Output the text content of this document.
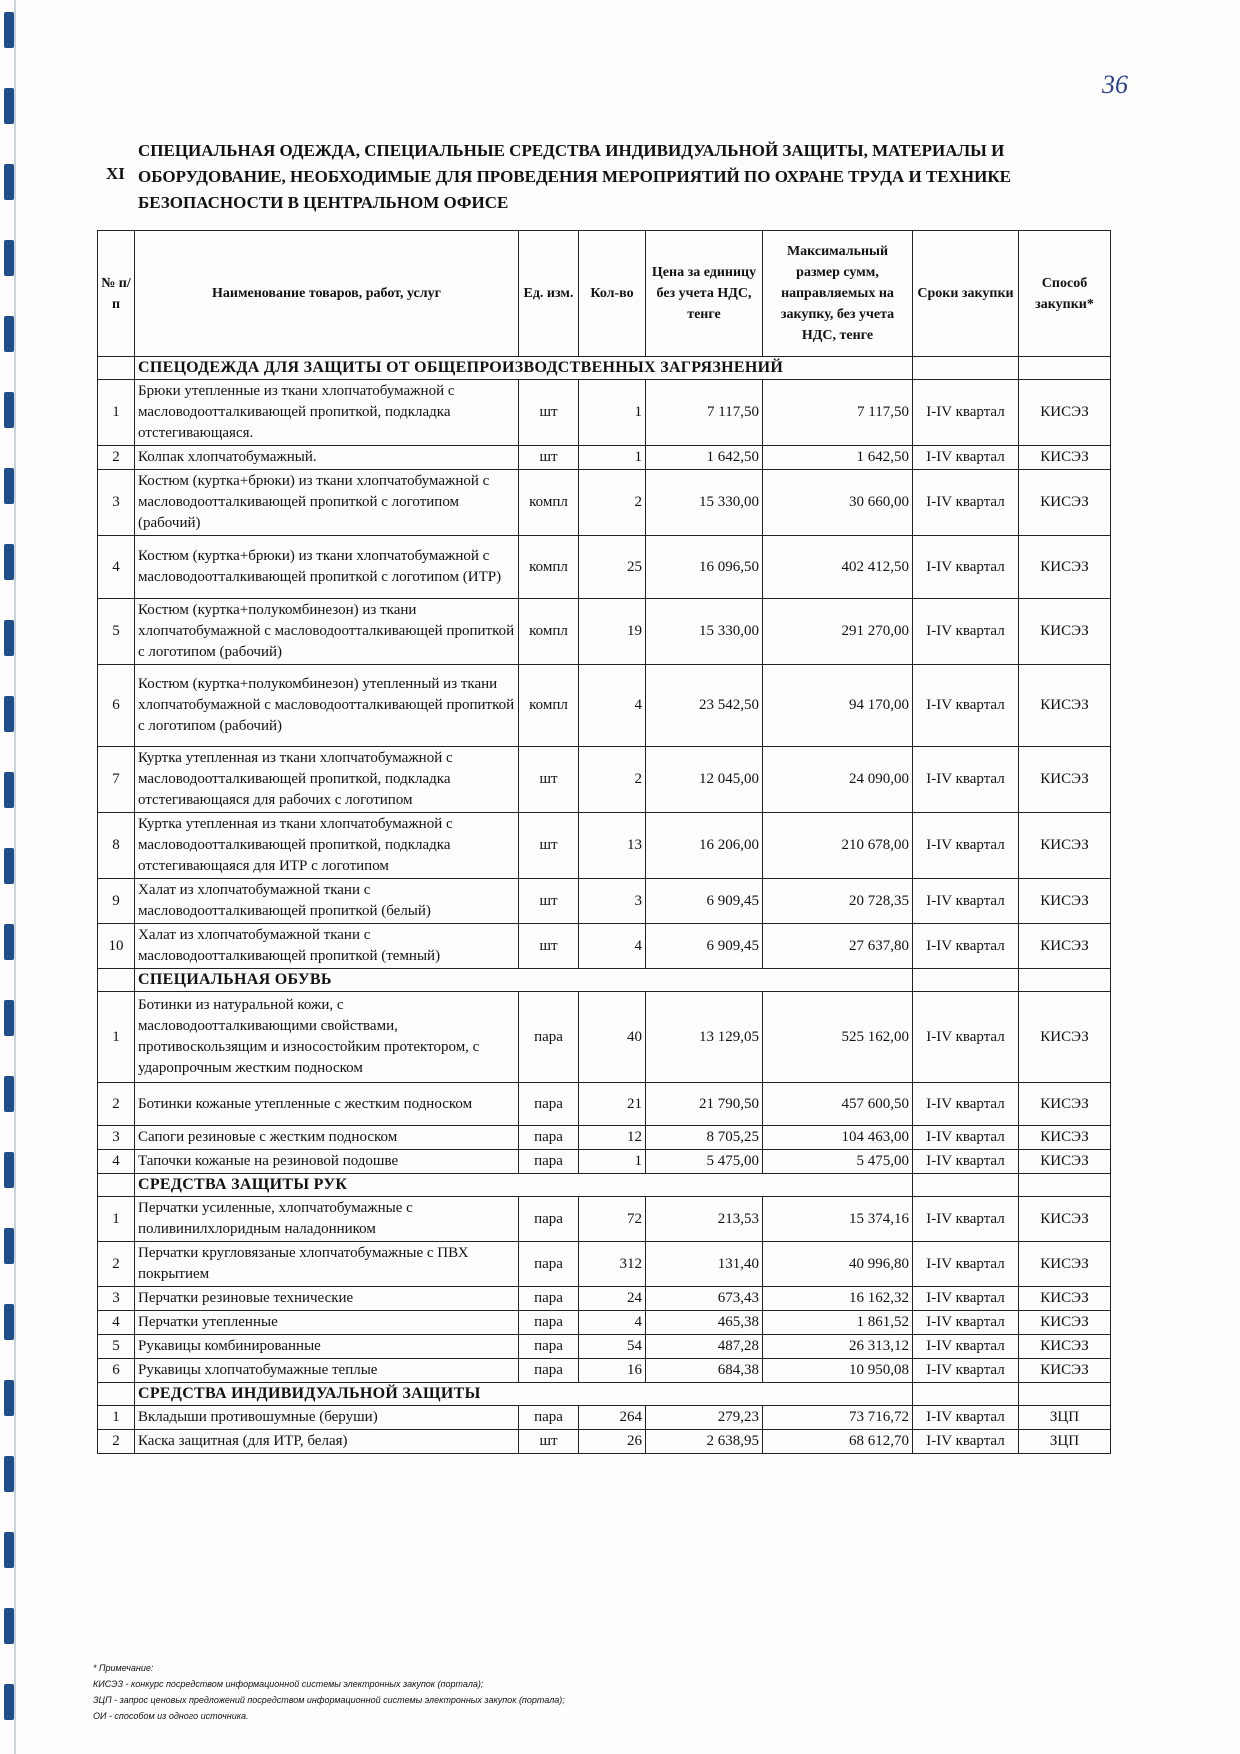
36
XI
СПЕЦИАЛЬНАЯ ОДЕЖДА, СПЕЦИАЛЬНЫЕ СРЕДСТВА ИНДИВИДУАЛЬНОЙ ЗАЩИТЫ, МАТЕРИАЛЫ И ОБОРУДОВАНИЕ, НЕОБХОДИМЫЕ ДЛЯ ПРОВЕДЕНИЯ МЕРОПРИЯТИЙ ПО ОХРАНЕ ТРУДА И ТЕХНИКЕ БЕЗОПАСНОСТИ В ЦЕНТРАЛЬНОМ ОФИСЕ
№ п/п	Наименование товаров, работ, услуг	Ед. изм.	Кол-во	Цена за единицу без учета НДС, тенге	Максимальный размер сумм, направляемых на закупку, без учета НДС, тенге	Сроки закупки	Способ закупки*
	СПЕЦОДЕЖДА ДЛЯ ЗАЩИТЫ ОТ ОБЩЕПРОИЗВОДСТВЕННЫХ ЗАГРЯЗНЕНИЙ						
1	Брюки утепленные из ткани хлопчатобумажной с масловодоотталкивающей пропиткой, подкладка отстегивающаяся.	шт	1	7 117,50	7 117,50	I-IV квартал	КИСЭЗ
2	Колпак хлопчатобумажный.	шт	1	1 642,50	1 642,50	I-IV квартал	КИСЭЗ
3	Костюм (куртка+брюки) из ткани хлопчатобумажной с масловодоотталкивающей пропиткой с логотипом (рабочий)	компл	2	15 330,00	30 660,00	I-IV квартал	КИСЭЗ
4	Костюм (куртка+брюки) из ткани хлопчатобумажной с масловодоотталкивающей пропиткой с логотипом (ИТР)	компл	25	16 096,50	402 412,50	I-IV квартал	КИСЭЗ
5	Костюм (куртка+полукомбинезон) из ткани хлопчатобумажной с масловодоотталкивающей пропиткой с логотипом (рабочий)	компл	19	15 330,00	291 270,00	I-IV квартал	КИСЭЗ
6	Костюм (куртка+полукомбинезон) утепленный из ткани хлопчатобумажной с масловодоотталкивающей пропиткой с логотипом (рабочий)	компл	4	23 542,50	94 170,00	I-IV квартал	КИСЭЗ
7	Куртка утепленная из ткани хлопчатобумажной с масловодоотталкивающей пропиткой, подкладка отстегивающаяся для рабочих с логотипом	шт	2	12 045,00	24 090,00	I-IV квартал	КИСЭЗ
8	Куртка утепленная из ткани хлопчатобумажной с масловодоотталкивающей пропиткой, подкладка отстегивающаяся для ИТР с логотипом	шт	13	16 206,00	210 678,00	I-IV квартал	КИСЭЗ
9	Халат из хлопчатобумажной ткани с масловодоотталкивающей пропиткой (белый)	шт	3	6 909,45	20 728,35	I-IV квартал	КИСЭЗ
10	Халат из хлопчатобумажной ткани с масловодоотталкивающей пропиткой (темный)	шт	4	6 909,45	27 637,80	I-IV квартал	КИСЭЗ
	СПЕЦИАЛЬНАЯ ОБУВЬ						
1	Ботинки из натуральной кожи, с масловодоотталкивающими свойствами, противоскользящим и износостойким протектором, с ударопрочным жестким подноском	пара	40	13 129,05	525 162,00	I-IV квартал	КИСЭЗ
2	Ботинки кожаные утепленные с жестким подноском	пара	21	21 790,50	457 600,50	I-IV квартал	КИСЭЗ
3	Сапоги резиновые с жестким подноском	пара	12	8 705,25	104 463,00	I-IV квартал	КИСЭЗ
4	Тапочки кожаные на резиновой подошве	пара	1	5 475,00	5 475,00	I-IV квартал	КИСЭЗ
	СРЕДСТВА ЗАЩИТЫ РУК						
1	Перчатки усиленные, хлопчатобумажные с поливинилхлоридным наладонником	пара	72	213,53	15 374,16	I-IV квартал	КИСЭЗ
2	Перчатки кругловязаные хлопчатобумажные с ПВХ покрытием	пара	312	131,40	40 996,80	I-IV квартал	КИСЭЗ
3	Перчатки резиновые технические	пара	24	673,43	16 162,32	I-IV квартал	КИСЭЗ
4	Перчатки утепленные	пара	4	465,38	1 861,52	I-IV квартал	КИСЭЗ
5	Рукавицы комбинированные	пара	54	487,28	26 313,12	I-IV квартал	КИСЭЗ
6	Рукавицы хлопчатобумажные теплые	пара	16	684,38	10 950,08	I-IV квартал	КИСЭЗ
	СРЕДСТВА ИНДИВИДУАЛЬНОЙ ЗАЩИТЫ						
1	Вкладыши противошумные (беруши)	пара	264	279,23	73 716,72	I-IV квартал	ЗЦП
2	Каска защитная (для ИТР, белая)	шт	26	2 638,95	68 612,70	I-IV квартал	ЗЦП
* Примечание:
КИСЭЗ - конкурс посредством информационной системы электронных закупок (портала);
ЗЦП - запрос ценовых предложений посредством информационной системы электронных закупок (портала);
ОИ - способом из одного источника.
